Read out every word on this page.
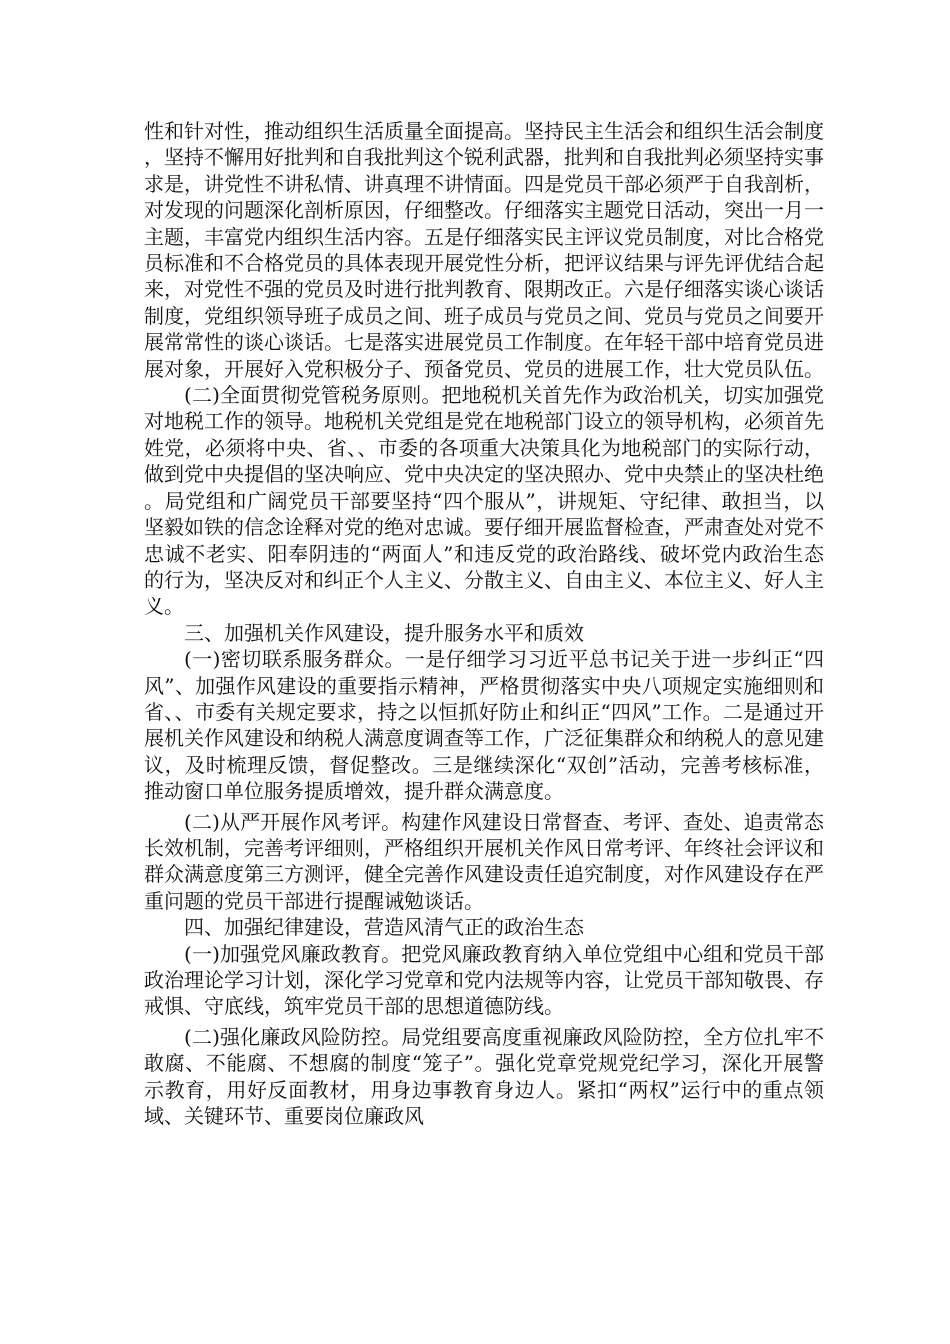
性和针对性，推动组织生活质量全面提高。坚持民主生活会和组织生活会制度，坚持不懈用好批判和自我批判这个锐利武器，批判和自我批判必须坚持实事求是，讲党性不讲私情、讲真理不讲情面。四是党员干部必须严于自我剖析，对发现的问题深化剖析原因，仔细整改。仔细落实主题党日活动，突出一月一主题，丰富党内组织生活内容。五是仔细落实民主评议党员制度，对比合格党员标准和不合格党员的具体表现开展党性分析，把评议结果与评先评优结合起来，对党性不强的党员及时进行批判教育、限期改正。六是仔细落实谈心谈话制度，党组织领导班子成员之间、班子成员与党员之间、党员与党员之间要开展常常性的谈心谈话。七是落实进展党员工作制度。在年轻干部中培育党员进展对象，开展好入党积极分子、预备党员、党员的进展工作，壮大党员队伍。

(二)全面贯彻党管税务原则。把地税机关首先作为政治机关，切实加强党对地税工作的领导。地税机关党组是党在地税部门设立的领导机构，必须首先姓党，必须将中央、省、、市委的各项重大决策具化为地税部门的实际行动，做到党中央提倡的坚决响应、党中央决定的坚决照办、党中央禁止的坚决杜绝。局党组和广阔党员干部要坚持“四个服从”，讲规矩、守纪律、敢担当，以坚毅如铁的信念诠释对党的绝对忠诚。要仔细开展监督检查，严肃查处对党不忠诚不老实、阳奉阴违的“两面人”和违反党的政治路线、破坏党内政治生态的行为，坚决反对和纠正个人主义、分散主义、自由主义、本位主义、好人主义。

三、加强机关作风建设，提升服务水平和质效

(一)密切联系服务群众。一是仔细学习习近平总书记关于进一步纠正“四风”、加强作风建设的重要指示精神，严格贯彻落实中央八项规定实施细则和省、、市委有关规定要求，持之以恒抓好防止和纠正“四风”工作。二是通过开展机关作风建设和纳税人满意度调查等工作，广泛征集群众和纳税人的意见建议，及时梳理反馈，督促整改。三是继续深化“双创”活动，完善考核标准，推动窗口单位服务提质增效，提升群众满意度。

(二)从严开展作风考评。构建作风建设日常督查、考评、查处、追责常态长效机制，完善考评细则，严格组织开展机关作风日常考评、年终社会评议和群众满意度第三方测评，健全完善作风建设责任追究制度，对作风建设存在严重问题的党员干部进行提醒诫勉谈话。

四、加强纪律建设，营造风清气正的政治生态

(一)加强党风廉政教育。把党风廉政教育纳入单位党组中心组和党员干部政治理论学习计划，深化学习党章和党内法规等内容，让党员干部知敬畏、存戒惧、守底线，筑牢党员干部的思想道德防线。

(二)强化廉政风险防控。局党组要高度重视廉政风险防控，全方位扎牢不敢腐、不能腐、不想腐的制度“笼子”。强化党章党规党纪学习，深化开展警示教育，用好反面教材，用身边事教育身边人。紧扣“两权”运行中的重点领域、关键环节、重要岗位廉政风
